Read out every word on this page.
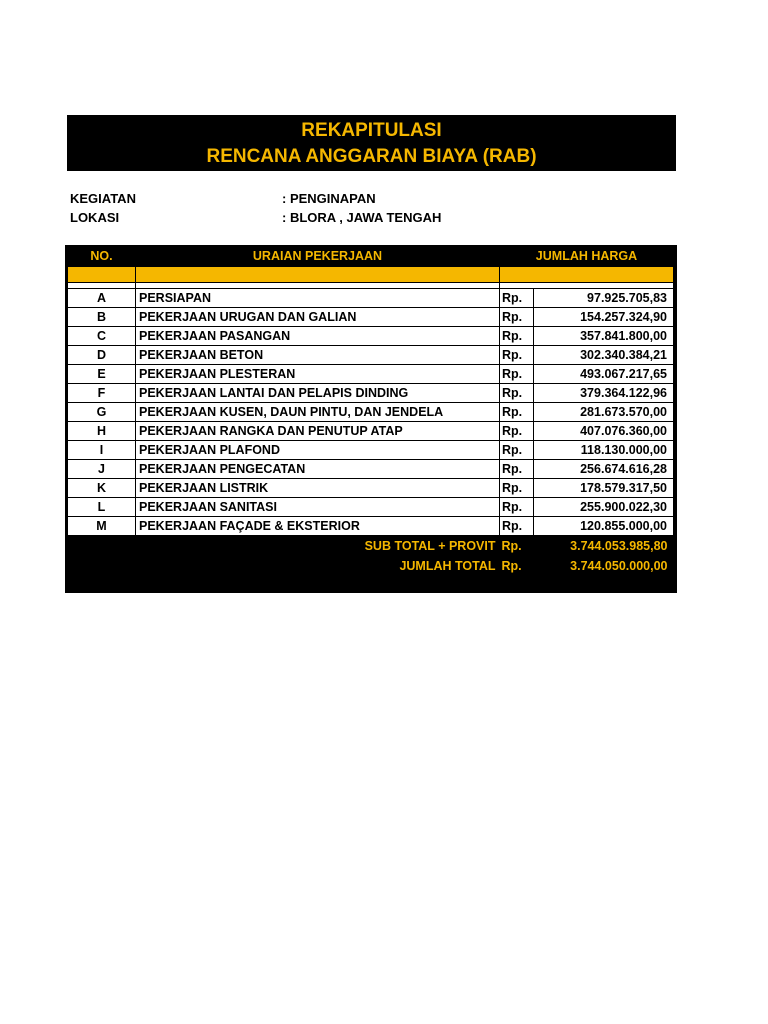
REKAPITULASI
RENCANA ANGGARAN BIAYA (RAB)
KEGIATAN	: PENGINAPAN
LOKASI	: BLORA , JAWA TENGAH
NO.	URAIAN PEKERJAAN	JUMLAH HARGA	

A	PERSIAPAN	Rp.	97.925.705,83
B	PEKERJAAN URUGAN DAN GALIAN	Rp.	154.257.324,90
C	PEKERJAAN PASANGAN	Rp.	357.841.800,00
D	PEKERJAAN BETON	Rp.	302.340.384,21
E	PEKERJAAN PLESTERAN	Rp.	493.067.217,65
F	PEKERJAAN LANTAI DAN PELAPIS DINDING	Rp.	379.364.122,96
G	PEKERJAAN KUSEN, DAUN PINTU, DAN JENDELA	Rp.	281.673.570,00
H	PEKERJAAN RANGKA DAN PENUTUP ATAP	Rp.	407.076.360,00
I	PEKERJAAN PLAFOND	Rp.	118.130.000,00
J	PEKERJAAN PENGECATAN	Rp.	256.674.616,28
K	PEKERJAAN LISTRIK	Rp.	178.579.317,50
L	PEKERJAAN SANITASI	Rp.	255.900.022,30
M	PEKERJAAN FAÇADE & EKSTERIOR	Rp.	120.855.000,00
SUB TOTAL + PROVIT		Rp.	3.744.053.985,80
JUMLAH TOTAL		Rp.	3.744.050.000,00
